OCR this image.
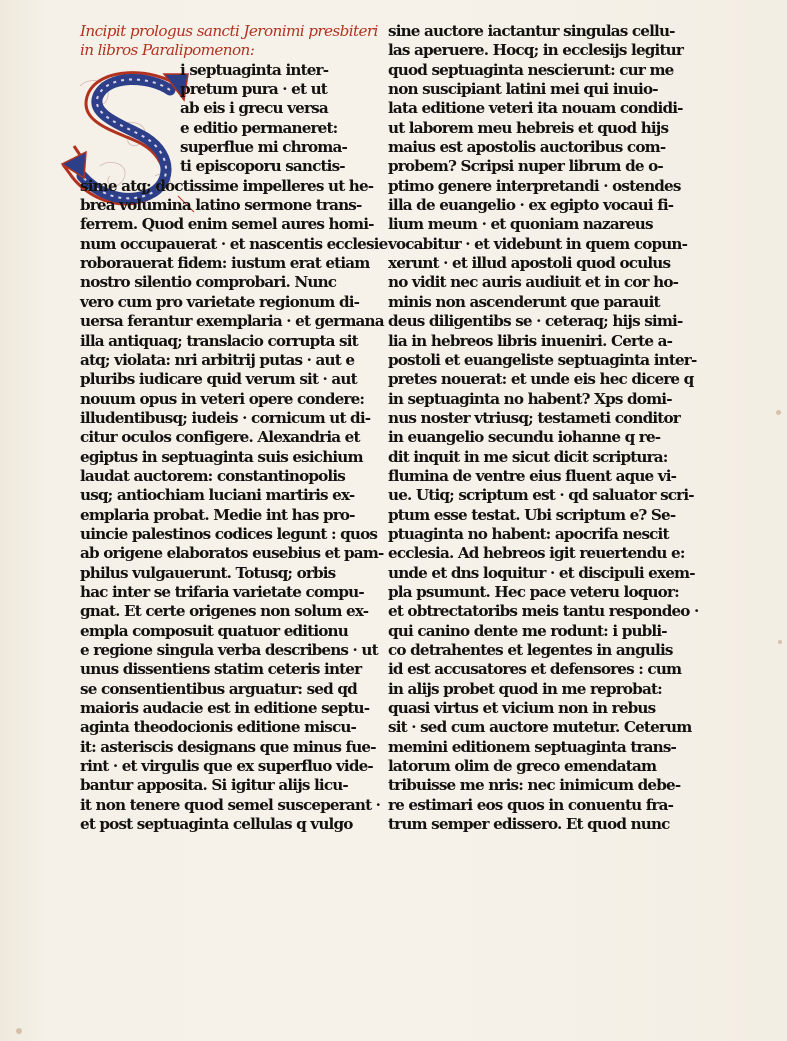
Incipit prologus sancti Jeronimi presbiteri
in libros Paralipomenon:
i septuaginta inter-
pretum pura · et ut
ab eis i grecu versa
e editio permaneret:
superflue mi chroma-
ti episcoporu sanctis-
sime atq; doctissime impelleres ut he-
brea volumina latino sermone trans-
ferrem. Quod enim semel aures homi-
num occupauerat · et nascentis ecclesie
roborauerat fidem: iustum erat etiam
nostro silentio comprobari. Nunc
vero cum pro varietate regionum di-
uersa ferantur exemplaria · et germana
illa antiquaq; translacio corrupta sit
atq; violata: nri arbitrij putas · aut e
pluribs iudicare quid verum sit · aut
nouum opus in veteri opere condere:
illudentibusq; iudeis · cornicum ut di-
citur oculos configere. Alexandria et
egiptus in septuaginta suis esichium
laudat auctorem: constantinopolis
usq; antiochiam luciani martiris ex-
emplaria probat. Medie int has pro-
uincie palestinos codices legunt : quos
ab origene elaboratos eusebius et pam-
philus vulgauerunt. Totusq; orbis
hac inter se trifaria varietate compu-
gnat. Et certe origenes non solum ex-
empla composuit quatuor editionu
e regione singula verba describens · ut
unus dissentiens statim ceteris inter
se consentientibus arguatur: sed qd
maioris audacie est in editione septu-
aginta theodocionis editione miscu-
it: asteriscis designans que minus fue-
rint · et virgulis que ex superfluo vide-
bantur apposita. Si igitur alijs licu-
it non tenere quod semel susceperant ·
et post septuaginta cellulas q vulgo
sine auctore iactantur singulas cellu-
las aperuere. Hocq; in ecclesijs legitur
quod septuaginta nescierunt: cur me
non suscipiant latini mei qui inuio-
lata editione veteri ita nouam condidi-
ut laborem meu hebreis et quod hijs
maius est apostolis auctoribus com-
probem? Scripsi nuper librum de o-
ptimo genere interpretandi · ostendes
illa de euangelio · ex egipto vocaui fi-
lium meum · et quoniam nazareus
vocabitur · et videbunt in quem copun-
xerunt · et illud apostoli quod oculus
no vidit nec auris audiuit et in cor ho-
minis non ascenderunt que parauit
deus diligentibs se · ceteraq; hijs simi-
lia in hebreos libris inueniri. Certe a-
postoli et euangeliste septuaginta inter-
pretes nouerat: et unde eis hec dicere q
in septuaginta no habent? Xps domi-
nus noster vtriusq; testameti conditor
in euangelio secundu iohanne q re-
dit inquit in me sicut dicit scriptura:
flumina de ventre eius fluent aque vi-
ue. Utiq; scriptum est · qd saluator scri-
ptum esse testat. Ubi scriptum e? Se-
ptuaginta no habent: apocrifa nescit
ecclesia. Ad hebreos igit reuertendu e:
unde et dns loquitur · et discipuli exem-
pla psumunt. Hec pace veteru loquor:
et obtrectatoribs meis tantu respondeo ·
qui canino dente me rodunt: i publi-
co detrahentes et legentes in angulis
id est accusatores et defensores : cum
in alijs probet quod in me reprobat:
quasi virtus et vicium non in rebus
sit · sed cum auctore mutetur. Ceterum
memini editionem septuaginta trans-
latorum olim de greco emendatam
tribuisse me nris: nec inimicum debe-
re estimari eos quos in conuentu fra-
trum semper edissero. Et quod nunc
